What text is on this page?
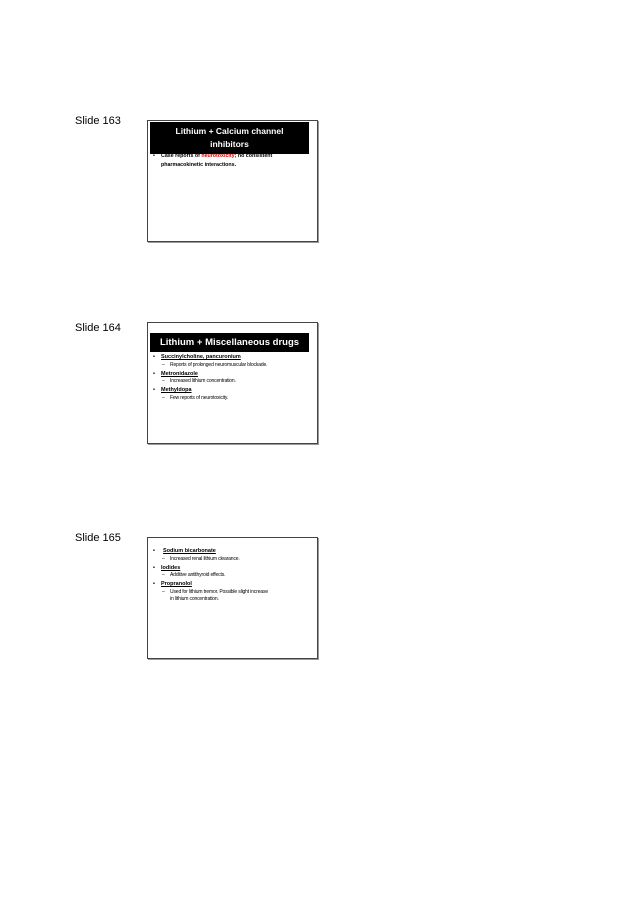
Slide 163
Lithium + Calcium channel
inhibitors
• Case reports of neurotoxicity; no consistent
pharmacokinetic interactions.
Slide 164
Lithium + Miscellaneous drugs
• Succinylcholine, pancuronium
– Reports of prolonged neuromuscular blockade.
• Metronidazole
– Increased lithium concentration.
• Methyldopa
– Few reports of neurotoxicity.
Slide 165
• Sodium bicarbonate
– Increased renal lithium clearance.
• Iodides
– Additive antithyroid effects.
• Propranolol
– Used for lithium tremor. Possible slight increase
in lithium concentration.
